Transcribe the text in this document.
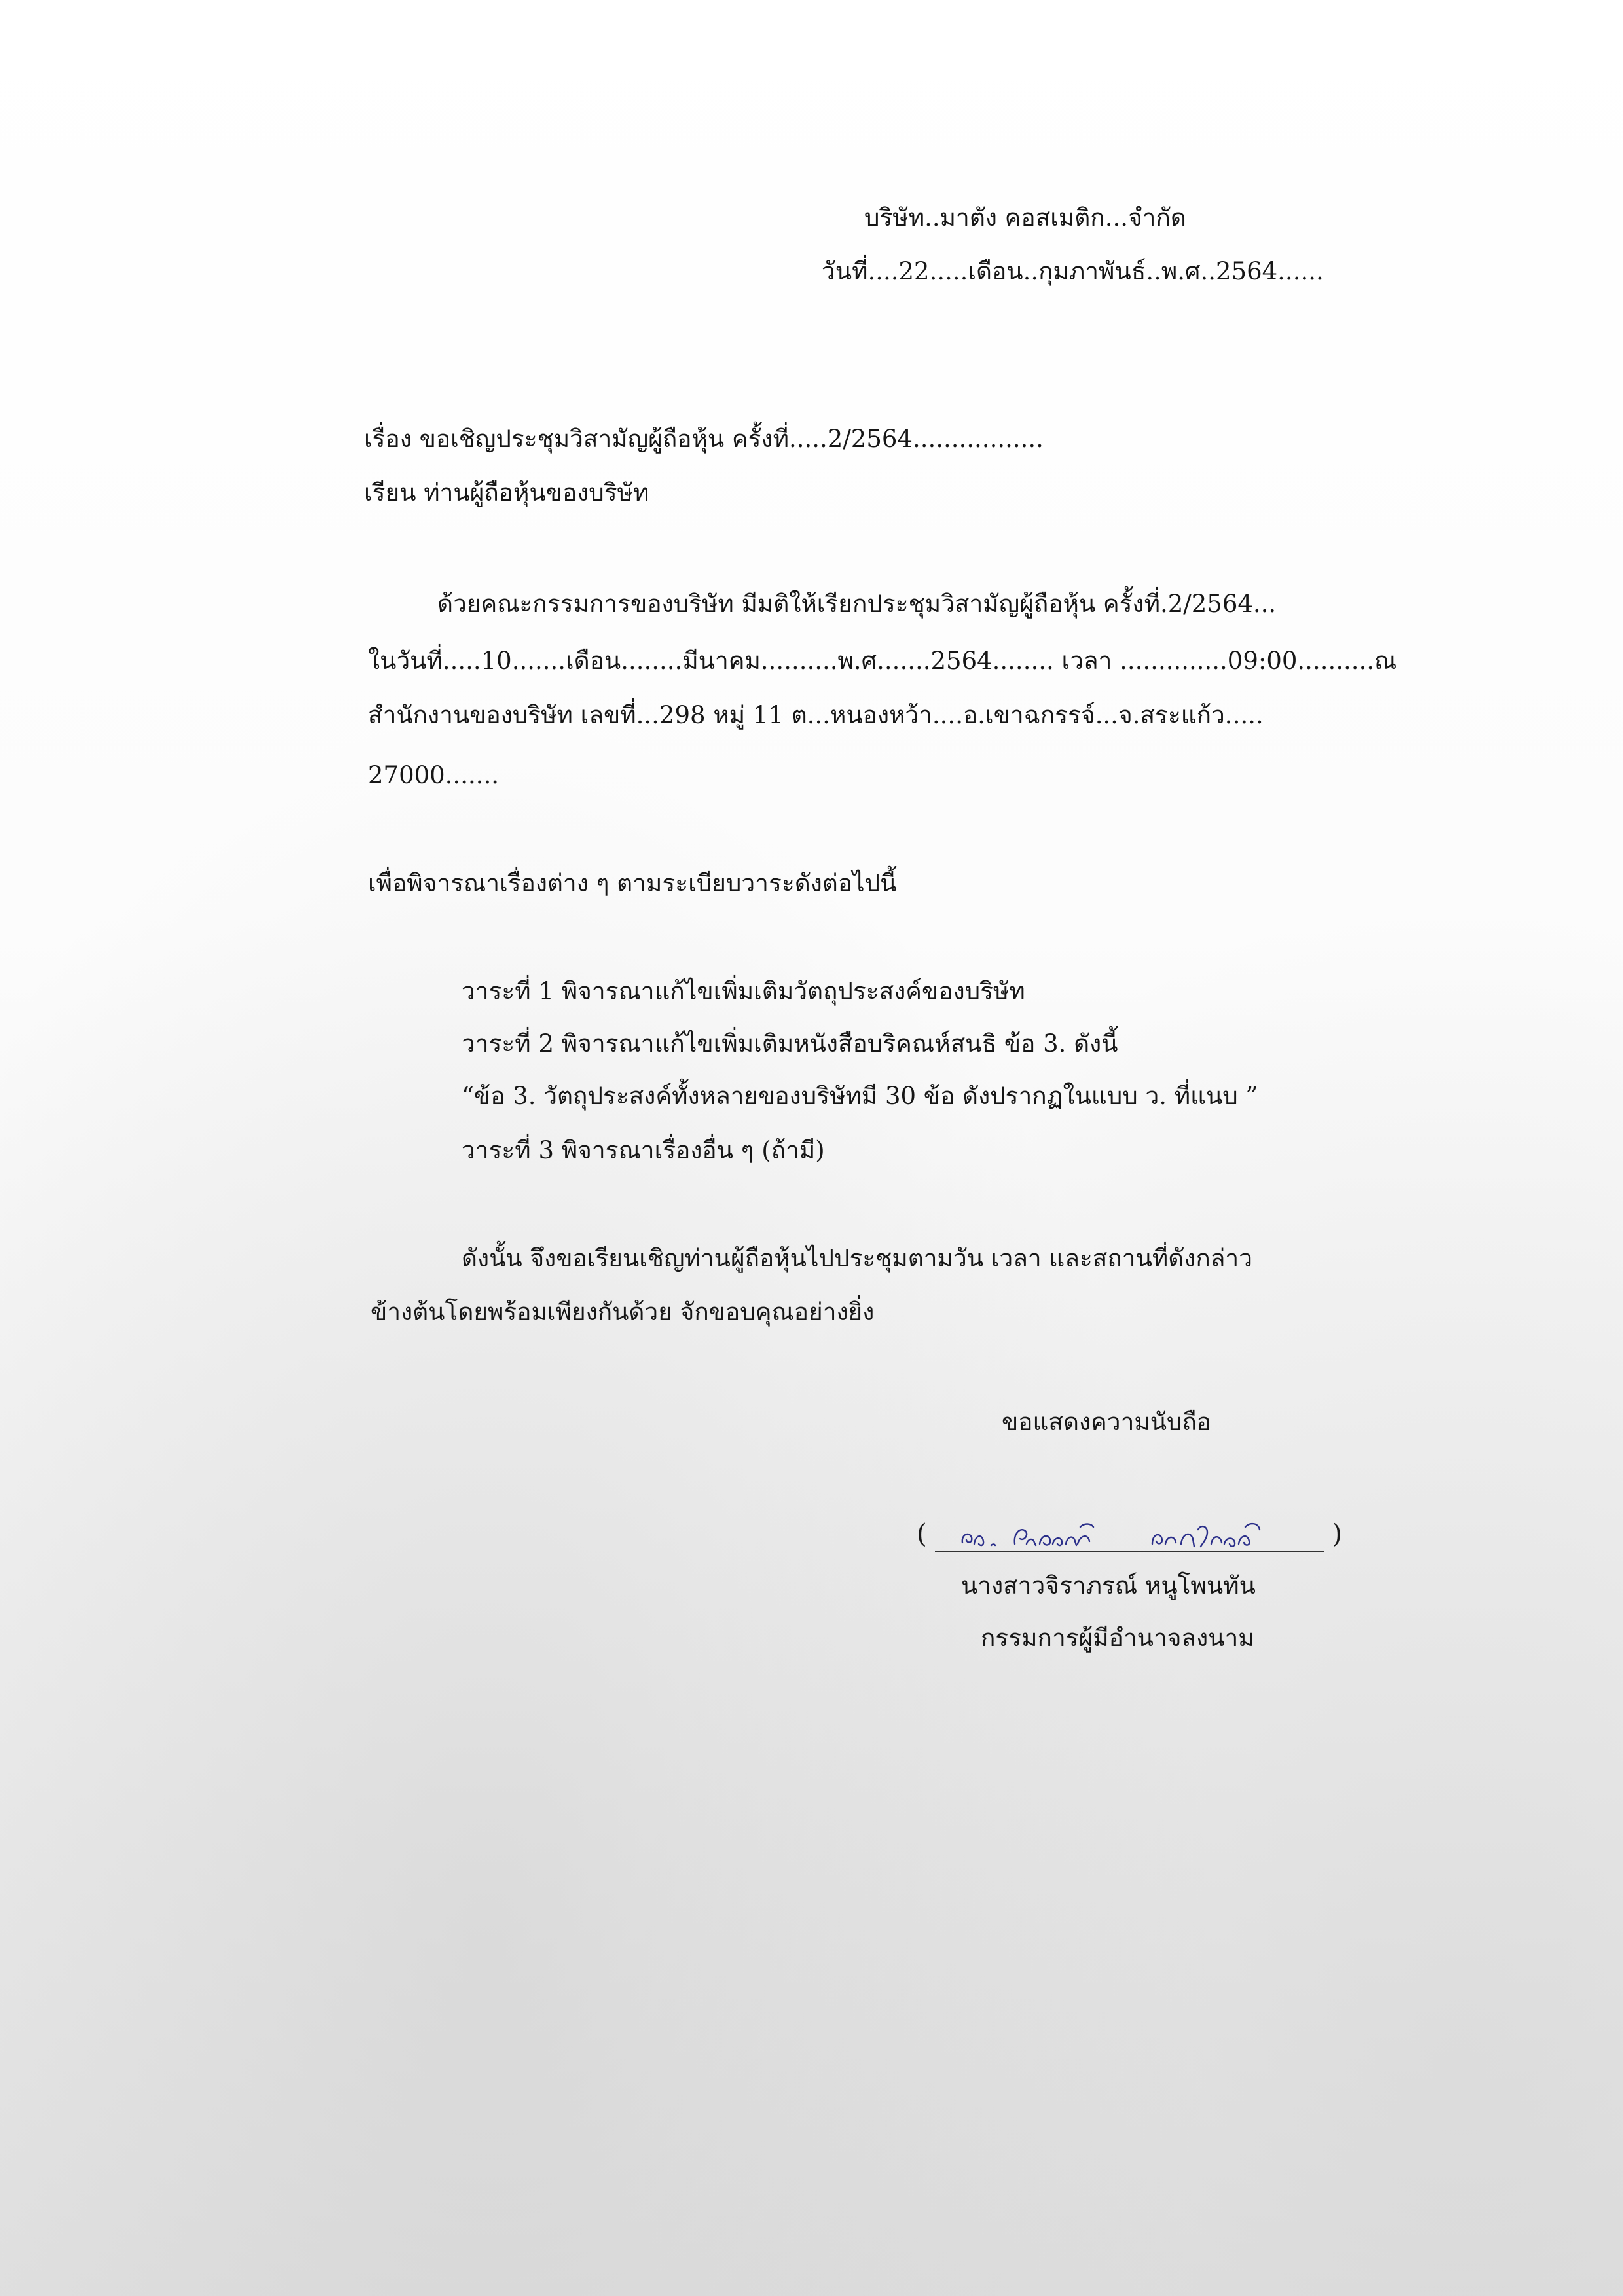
บริษัท..มาตัง คอสเมติก...จำกัด
วันที่....22.....เดือน..กุมภาพันธ์..พ.ศ..2564......
เรื่อง ขอเชิญประชุมวิสามัญผู้ถือหุ้น ครั้งที่.....2/2564.................
เรียน ท่านผู้ถือหุ้นของบริษัท
ด้วยคณะกรรมการของบริษัท มีมติให้เรียกประชุมวิสามัญผู้ถือหุ้น ครั้งที่.2/2564...
ในวันที่.....10.......เดือน........มีนาคม..........พ.ศ.......2564........ เวลา ..............09:00..........ณ
สำนักงานของบริษัท เลขที่...298 หมู่ 11 ต...หนองหว้า....อ.เขาฉกรรจ์...จ.สระแก้ว.....
27000.......
เพื่อพิจารณาเรื่องต่าง ๆ ตามระเบียบวาระดังต่อไปนี้
วาระที่ 1 พิจารณาแก้ไขเพิ่มเติมวัตถุประสงค์ของบริษัท
วาระที่ 2 พิจารณาแก้ไขเพิ่มเติมหนังสือบริคณห์สนธิ ข้อ 3. ดังนี้
“ข้อ 3. วัตถุประสงค์ทั้งหลายของบริษัทมี 30 ข้อ ดังปรากฏในแบบ ว. ที่แนบ ”
วาระที่ 3 พิจารณาเรื่องอื่น ๆ (ถ้ามี)
ดังนั้น จึงขอเรียนเชิญท่านผู้ถือหุ้นไปประชุมตามวัน เวลา และสถานที่ดังกล่าว
ข้างต้นโดยพร้อมเพียงกันด้วย จักขอบคุณอย่างยิ่ง
ขอแสดงความนับถือ
(	)
นางสาวจิราภรณ์ หนูโพนทัน
กรรมการผู้มีอำนาจลงนาม
